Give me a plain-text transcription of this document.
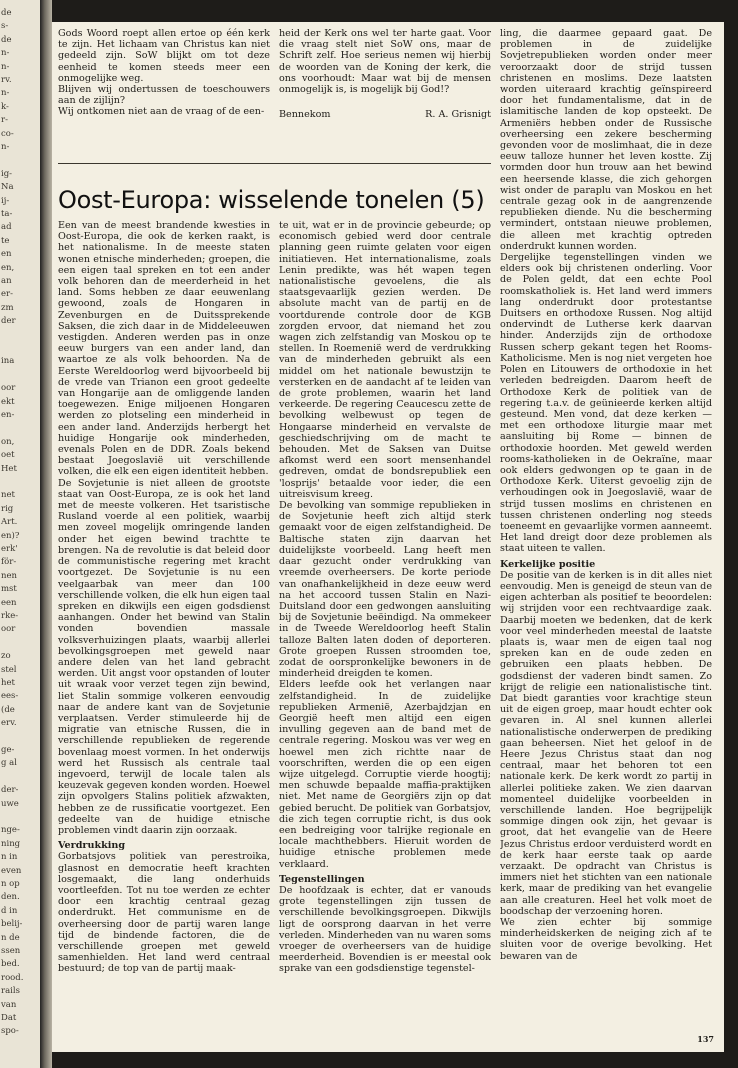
de
s-
de
n-
n-
rv.
n-
k-
r-
co-
n-
ig-
Na
ij-
ta-
ad
te
en
en,
an
er-
zm
der
ina
oor
ekt
en-
on,
oet
Het
net
rig
Art.
en)?
erk'
för-
nen
mst
een
rke-
oor
zo
stel
het
ees-
(de
erv.
ge-
g al
der-
uwe
nge-
ning
n in
even
n op
den.
d in
belij-
n de
ssen
bed.
rood.
rails
van
Dat
spo-

Gods Woord roept allen ertoe op één kerk te zijn. Het lichaam van Christus kan niet gedeeld zijn. SoW blijkt om tot deze eenheid te komen steeds meer een onmogelijke weg.

Blijven wij ondertussen de toeschouwers aan de zijlijn?

Wij ontkomen niet aan de vraag of de een-

heid der Kerk ons wel ter harte gaat. Voor die vraag stelt niet SoW ons, maar de Schrift zelf. Hoe serieus nemen wij hierbij de woorden van de Koning der kerk, die ons voorhoudt: Maar wat bij de mensen onmogelijk is, is mogelijk bij God!?

Bennekom	R. A. Grisnigt
Oost-Europa: wisselende tonelen (5)

Een van de meest brandende kwesties in Oost-Europa, die ook de kerken raakt, is het nationalisme. In de meeste staten wonen etnische minderheden; groepen, die een eigen taal spreken en tot een ander volk behoren dan de meerderheid in het land. Soms hebben ze daar eeuwenlang gewoond, zoals de Hongaren in Zevenburgen en de Duitssprekende Saksen, die zich daar in de Middeleeuwen vestigden. Anderen werden pas in onze eeuw burgers van een ander land, dan waartoe ze als volk behoorden. Na de Eerste Wereldoorlog werd bijvoorbeeld bij de vrede van Trianon een groot gedeelte van Hongarije aan de omliggende landen toegewezen. Enige miljoenen Hongaren werden zo plotseling een minderheid in een ander land. Anderzijds herbergt het huidige Hongarije ook minderheden, evenals Polen en de DDR. Zoals bekend bestaat Joegoslavië uit verschillende volken, die elk een eigen identiteit hebben.

De Sovjetunie is niet alleen de grootste staat van Oost-Europa, ze is ook het land met de meeste volkeren. Het tsaristische Rusland voerde al een politiek, waarbij men zoveel mogelijk omringende landen onder het eigen bewind trachtte te brengen. Na de revolutie is dat beleid door de communistische regering met kracht voortgezet. De Sovjetunie is nu een veelgaarbak van meer dan 100 verschillende volken, die elk hun eigen taal spreken en dikwijls een eigen godsdienst aanhangen. Onder het bewind van Stalin vonden bovendien massale volksverhuizingen plaats, waarbij allerlei bevolkingsgroepen met geweld naar andere delen van het land gebracht werden. Uit angst voor opstanden of louter uit wraak voor verzet tegen zijn bewind, liet Stalin sommige volkeren eenvoudig naar de andere kant van de Sovjetunie verplaatsen. Verder stimuleerde hij de migratie van etnische Russen, die in verschillende republieken de regerende bovenlaag moest vormen. In het onderwijs werd het Russisch als centrale taal ingevoerd, terwijl de locale talen als keuzevak gegeven konden worden. Hoewel zijn opvolgers Stalins politiek afzwakten, hebben ze de russificatie voortgezet. Een gedeelte van de huidige etnische problemen vindt daarin zijn oorzaak.

Verdrukking

Gorbatsjovs politiek van perestroika, glasnost en democratie heeft krachten losgemaakt, die lang onderhuids voortleefden. Tot nu toe werden ze echter door een krachtig centraal gezag onderdrukt. Het communisme en de overheersing door de partij waren lange tijd de bindende factoren, die de verschillende groepen met geweld samenhielden. Het land werd centraal bestuurd; de top van de partij maak-

te uit, wat er in de provincie gebeurde; op economisch gebied werd door centrale planning geen ruimte gelaten voor eigen initiatieven. Het internationalisme, zoals Lenin predikte, was hét wapen tegen nationalistische gevoelens, die als staatsgevaarlijk gezien werden. De absolute macht van de partij en de voortdurende controle door de KGB zorgden ervoor, dat niemand het zou wagen zich zelfstandig van Moskou op te stellen. In Roemenië werd de verdrukking van de minderheden gebruikt als een middel om het nationale bewustzijn te versterken en de aandacht af te leiden van de grote problemen, waarin het land verkeerde. De regering Ceaucescu zette de bevolking welbewust op tegen de Hongaarse minderheid en vervalste de geschiedschrijving om de macht te behouden. Met de Saksen van Duitse afkomst werd een soort mensenhandel gedreven, omdat de bondsrepubliek een 'losprijs' betaalde voor ieder, die een uitreisvisum kreeg.

De bevolking van sommige republieken in de Sovjetunie heeft zich altijd sterk gemaakt voor de eigen zelfstandigheid. De Baltische staten zijn daarvan het duidelijkste voorbeeld. Lang heeft men daar gezucht onder verdrukking van vreemde overheersers. De korte periode van onafhankelijkheid in deze eeuw werd na het accoord tussen Stalin en Nazi-Duitsland door een gedwongen aansluiting bij de Sovjetunie beëindigd. Na ommekeer in de Tweede Wereldoorlog heeft Stalin talloze Balten laten doden of deporteren. Grote groepen Russen stroomden toe, zodat de oorspronkelijke bewoners in de minderheid dreigden te komen.

Elders leefde ook het verlangen naar zelfstandigheid. In de zuidelijke republieken Armenië, Azerbajdzjan en Georgië heeft men altijd een eigen invulling gegeven aan de band met de centrale regering. Moskou was ver weg en hoewel men zich richtte naar de voorschriften, werden die op een eigen wijze uitgelegd. Corruptie vierde hoogtij; men schuwde bepaalde maffia-praktijken niet. Met name de Georgiërs zijn op dat gebied berucht. De politiek van Gorbatsjov, die zich tegen corruptie richt, is dus ook een bedreiging voor talrijke regionale en locale machthebbers. Hieruit worden de huidige etnische problemen mede verklaard.

Tegenstellingen

De hoofdzaak is echter, dat er vanouds grote tegenstellingen zijn tussen de verschillende bevolkingsgroepen. Dikwijls ligt de oorsprong daarvan in het verre verleden. Minderheden van nu waren soms vroeger de overheersers van de huidige meerderheid. Bovendien is er meestal ook sprake van een godsdienstige tegenstel-

ling, die daarmee gepaard gaat. De problemen in de zuidelijke Sovjetrepublieken worden onder meer veroorzaakt door de strijd tussen christenen en moslims. Deze laatsten worden uiteraard krachtig geïnspireerd door het fundamentalisme, dat in de islamitische landen de kop opsteekt. De Armeniërs hebben onder de Russische overheersing een zekere bescherming gevonden voor de moslimhaat, die in deze eeuw talloze hunner het leven kostte. Zij vormden door hun trouw aan het bewind een heersende klasse, die zich gehorgen wist onder de paraplu van Moskou en het centrale gezag ook in de aangrenzende republieken diende. Nu die bescherming vermindert, ontstaan nieuwe problemen, die alleen met krachtig optreden onderdrukt kunnen worden.

Dergelijke tegenstellingen vinden we elders ook bij christenen onderling. Voor de Polen geldt, dat een echte Pool roomskatholiek is. Het land werd immers lang onderdrukt door protestantse Duitsers en orthodoxe Russen. Nog altijd ondervindt de Lutherse kerk daarvan hinder. Anderzijds zijn de orthodoxe Russen scherp gekant tegen het Rooms-Katholicisme. Men is nog niet vergeten hoe Polen en Litouwers de orthodoxie in het verleden bedreigden. Daarom heeft de Orthodoxe Kerk de politiek van de regering t.a.v. de geünieerde kerken altijd gesteund. Men vond, dat deze kerken — met een orthodoxe liturgie maar met aansluiting bij Rome — binnen de orthodoxie hoorden. Met geweld werden rooms-katholieken in de Oekraïne, maar ook elders gedwongen op te gaan in de Orthodoxe Kerk. Uiterst gevoelig zijn de verhoudingen ook in Joegoslavië, waar de strijd tussen moslims en christenen en tussen christenen onderling nog steeds toeneemt en gevaarlijke vormen aanneemt. Het land dreigt door deze problemen als staat uiteen te vallen.

Kerkelijke positie

De positie van de kerken is in dit alles niet eenvoudig. Men is geneigd de steun van de eigen achterban als positief te beoordelen: wij strijden voor een rechtvaardige zaak. Daarbij moeten we bedenken, dat de kerk voor veel minderheden meestal de laatste plaats is, waar men de eigen taal nog spreken kan en de oude zeden en gebruiken een plaats hebben. De godsdienst der vaderen bindt samen. Zo krijgt de religie een nationalistische tint. Dat biedt garanties voor krachtige steun uit de eigen groep, maar houdt echter ook gevaren in. Al snel kunnen allerlei nationalistische onderwerpen de prediking gaan beheersen. Niet het geloof in de Heere Jezus Christus staat dan nog centraal, maar het behoren tot een nationale kerk. De kerk wordt zo partij in allerlei politieke zaken. We zien daarvan momenteel duidelijke voorbeelden in verschillende landen. Hoe begrijpelijk sommige dingen ook zijn, het gevaar is groot, dat het evangelie van de Heere Jezus Christus erdoor verduisterd wordt en de kerk haar eerste taak op aarde verzaakt. De opdracht van Christus is immers niet het stichten van een nationale kerk, maar de prediking van het evangelie aan alle creaturen. Heel het volk moet de boodschap der verzoening horen.

We zien echter bij sommige minderheidskerken de neiging zich af te sluiten voor de overige bevolking. Het bewaren van de

137
